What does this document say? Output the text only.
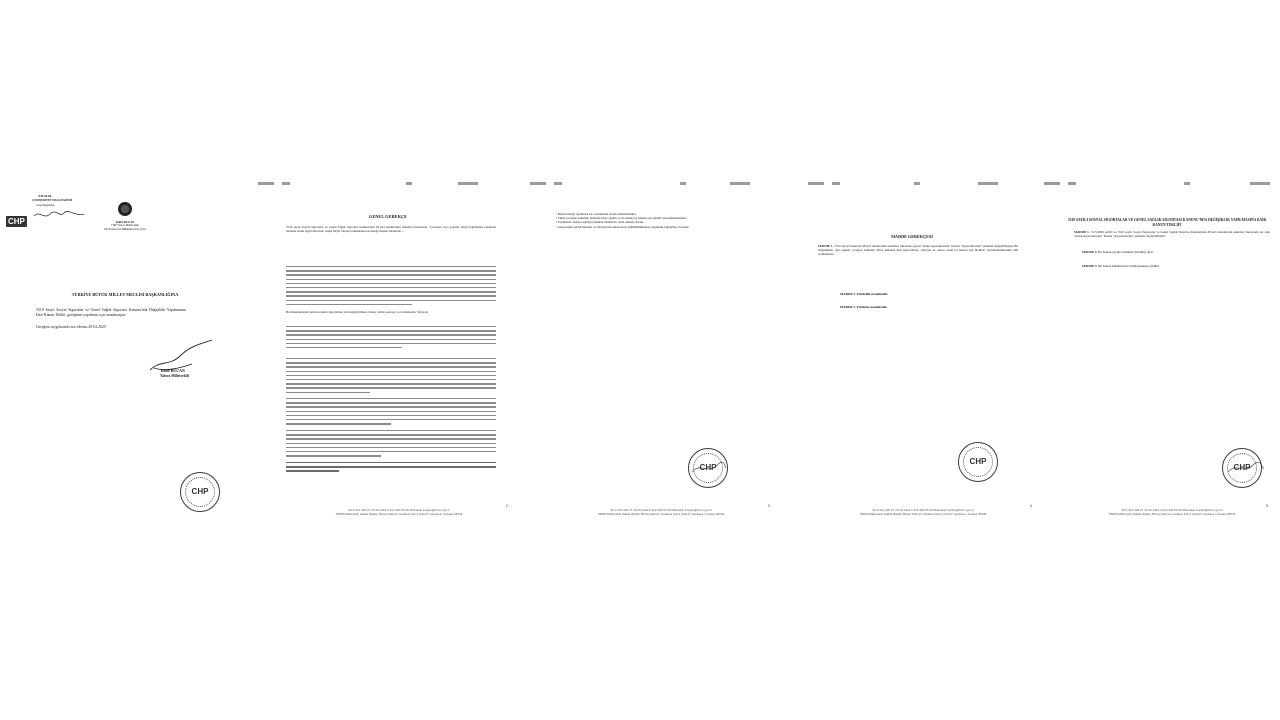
T.B.M.M.
CUMHURİYET HALK PARTİSİ
Grup Başkanlığı
CHP	Tekin BUCAN
CHP Yalova Milletvekili
KEİ Komisyonu Hükümetlerarası Üyesi
TÜRKİYE BÜYÜK MİLLET MECLİSİ BAŞKANLIĞINA
5510 Sayılı Sosyal Sigortalar ve Genel Sağlık Sigortası Kanunu'nda Değişiklik Yapılmasına Dair Kanun Teklifi, gereğinin yapılması için sunulmuştur.
Gereğini saygılarımla arz ederim.29.04.2025
Tekin BUCAN
Yalova Milletvekili
CHP
GENEL GEREKÇE
5510 sayılı Sosyal Sigortalar ve Genel Sağlık Sigortası Kanunu'nun 28 inci maddesinin sekizinci fıkrasında, "Çalışılan veya yaşlılık aylığı bağlanması talebinde bulunan kadın sigortalılardan, başka hiçbir talepte bulunmaksızın erkeğe hizmet süresinde ...
Bu düzenlemenin yalnızca kadın sigortalıları için değiştirilmesi, birkaç cümle sonraya yol açmaktadır. Şöyle ki:
Tel:0 312 420 27 15-16 Faks:0 312 420 69 40 Mail:tekin.bucan@tbmm.gov.tr
TBMM Milletvekili Halkla İlişkiler Binası Dikmen Caddesi Kat:3 Oda:27 Çankaya / Ankara 06543
2
• Bakım emeği toplumsal bir sorumluluk olarak tanınmamakta,
• Fiilen çocuğun bakımını üstlenen birey (kadın ya da erkek) bu haktan eşit şekilde yararlanamamakta,
• Toplumsal cinsiyet eşitliği yönünde önemli bir adım atılmış olacak,
• Anayasanın eşitlik ilkesine ve Türkiye'nin uluslararası yükümlülüklerine uygunluk sağlanmış olacaktır.
CHP
Tel:0 312 420 27 15-16 Faks:0 312 420 69 40 Mail:tekin.bucan@tbmm.gov.tr
TBMM Milletvekili Halkla İlişkiler Binası Dikmen Caddesi Kat:3 Oda:27 Çankaya / Ankara 06543
3
MADDE GEREKÇESİ
MADDE 1- 5510 sayılı Kanun'un 28 inci maddesinin sekizinci fıkrasında geçen "kadın sigortalılardan" ibaresi "sigortalılardan" şeklinde değiştirilmiştir. Bu değişiklikle, ağır engelli çocuğun bakımını fiilen üstlenen tüm sigortalılara, cinsiyeti ne olursa olsun bu haktan eşit biçimde yararlanabilmesinin önü açılmaktadır.
MADDE 2-Yürürlük maddesidir.
MADDE 3-Yürütme maddesidir.
CHP
Tel:0 312 420 27 15-16 Faks:0 312 420 69 40 Mail:tekin.bucan@tbmm.gov.tr
TBMM Milletvekili Halkla İlişkiler Binası Dikmen Caddesi Kat:3 Oda:27 Çankaya / Ankara 06543
4
5510 SAYILI SOSYAL SİGORTALAR VE GENEL SAĞLIK SİGORTASI KANUNU'NDA DEĞİŞİKLİK YAPILMASINA DAİR KANUN TEKLİFİ
MADDE 1- 31/5/2006 tarihli ve 5510 sayılı Sosyal Sigortalar ve Genel Sağlık Sigortası Kanunu'nun 28 inci maddesinin sekizinci fıkrasında yer alan "kadın sigortalılardan" ibaresi "sigortalılardan" şeklinde değiştirilmiştir.
MADDE 2- Bu Kanun yayımı tarihinde yürürlüğe girer.
MADDE 3- Bu Kanun hükümlerini Cumhurbaşkanı yürütür.
CHP
Tel:0 312 420 27 15-16 Faks:0 312 420 69 40 Mail:tekin.bucan@tbmm.gov.tr
TBMM Milletvekili Halkla İlişkiler Binası Dikmen Caddesi Kat:3 Oda:27 Çankaya / Ankara 06543
5
